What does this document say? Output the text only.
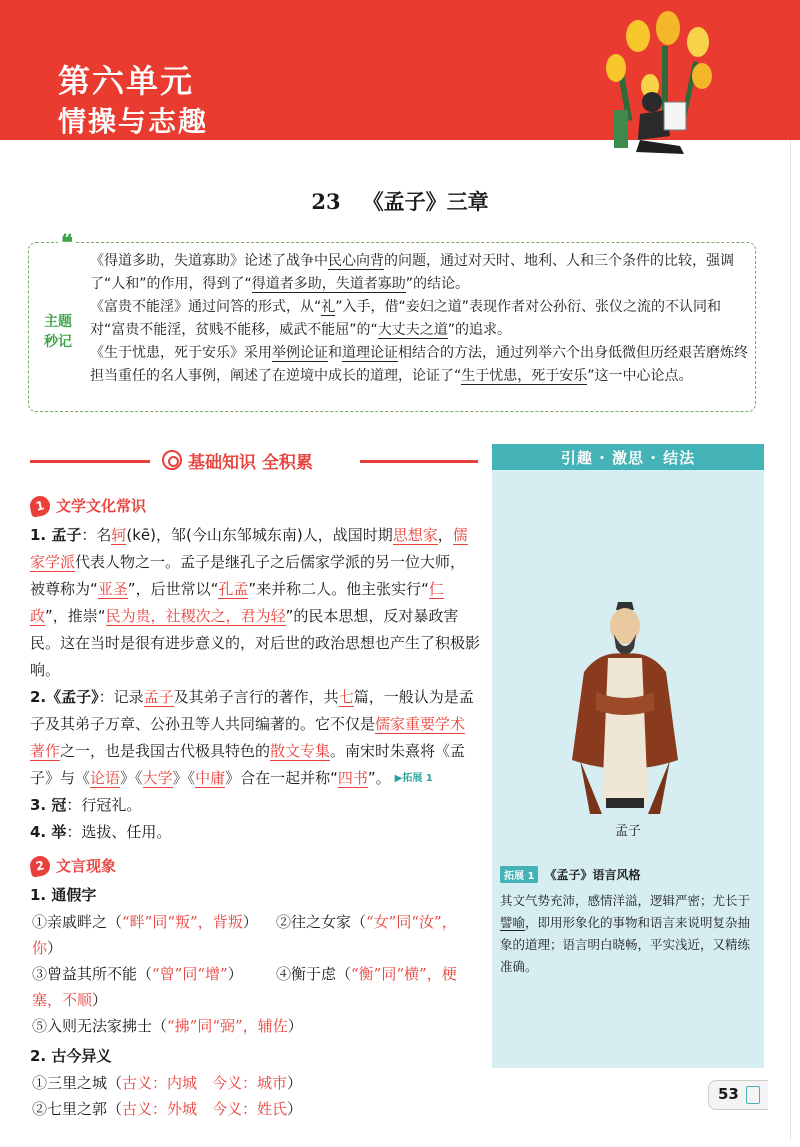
第六单元
情操与志趣
23 《孟子》三章
❝
主题
秒记

《得道多助，失道寡助》论述了战争中民心向背的问题，通过对天时、地利、人和三个条件的比较，强调了“人和”的作用，得到了“得道者多助，失道者寡助”的结论。

《富贵不能淫》通过问答的形式，从“礼”入手，借“妾妇之道”表现作者对公孙衍、张仪之流的不认同和对“富贵不能淫，贫贱不能移，威武不能屈”的“大丈夫之道”的追求。

《生于忧患，死于安乐》采用举例论证和道理论证相结合的方法，通过列举六个出身低微但历经艰苦磨炼终担当重任的名人事例，阐述了在逆境中成长的道理，论证了“生于忧患，死于安乐”这一中心论点。

基础知识 全积累
1 文学文化常识
1. 孟子：名轲(kē)，邹(今山东邹城东南)人，战国时期思想家，儒家学派代表人物之一。孟子是继孔子之后儒家学派的另一位大师，被尊称为“亚圣”，后世常以“孔孟”来并称二人。他主张实行“仁政”，推崇“民为贵，社稷次之，君为轻”的民本思想，反对暴政害民。这在当时是很有进步意义的，对后世的政治思想也产生了积极影响。
2.《孟子》：记录孟子及其弟子言行的著作，共七篇，一般认为是孟子及其弟子万章、公孙丑等人共同编著的。它不仅是儒家重要学术著作之一，也是我国古代极具特色的散文专集。南宋时朱熹将《孟子》与《论语》《大学》《中庸》合在一起并称“四书”。 ▶拓展 1
3. 冠：行冠礼。
4. 举：选拔、任用。
2 文言现象
1. 通假字
①亲戚畔之（“畔”同“叛”，背叛） ②往之女家（“女”同“汝”，你）
③曾益其所不能（“曾”同“增”） ④衡于虑（“衡”同“横”，梗塞，不顺）
⑤入则无法家拂士（“拂”同“弼”，辅佐）
2. 古今异义
①三里之城（古义：内城　今义：城市）
②七里之郭（古义：外城　今义：姓氏）
引趣 · 激思 · 结法
孟子
拓展 1 《孟子》语言风格
其文气势充沛，感情洋溢，逻辑严密；尤长于譬喻，即用形象化的事物和语言来说明复杂抽象的道理；语言明白晓畅，平实浅近，又精练准确。
53
